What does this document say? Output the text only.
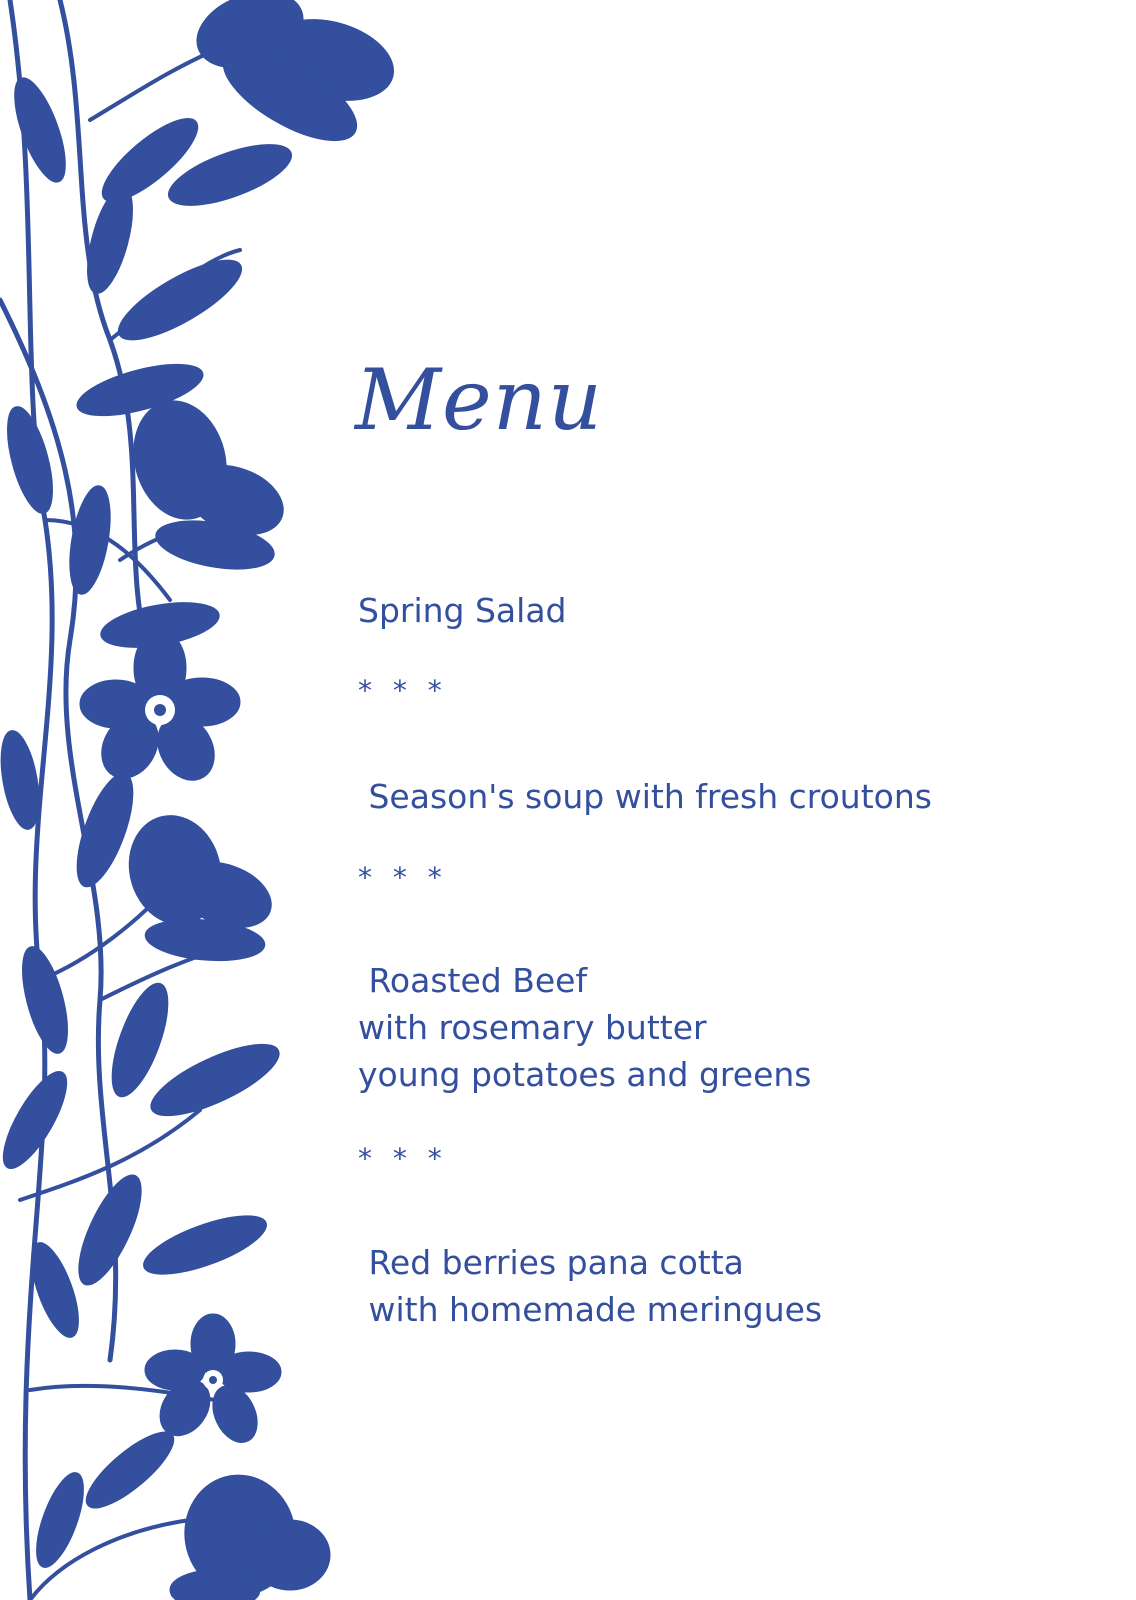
Menu

Spring Salad

* * *

Season's soup with fresh croutons

* * *

Roasted Beef

with rosemary butter

young potatoes and greens

* * *

Red berries pana cotta

with homemade meringues
